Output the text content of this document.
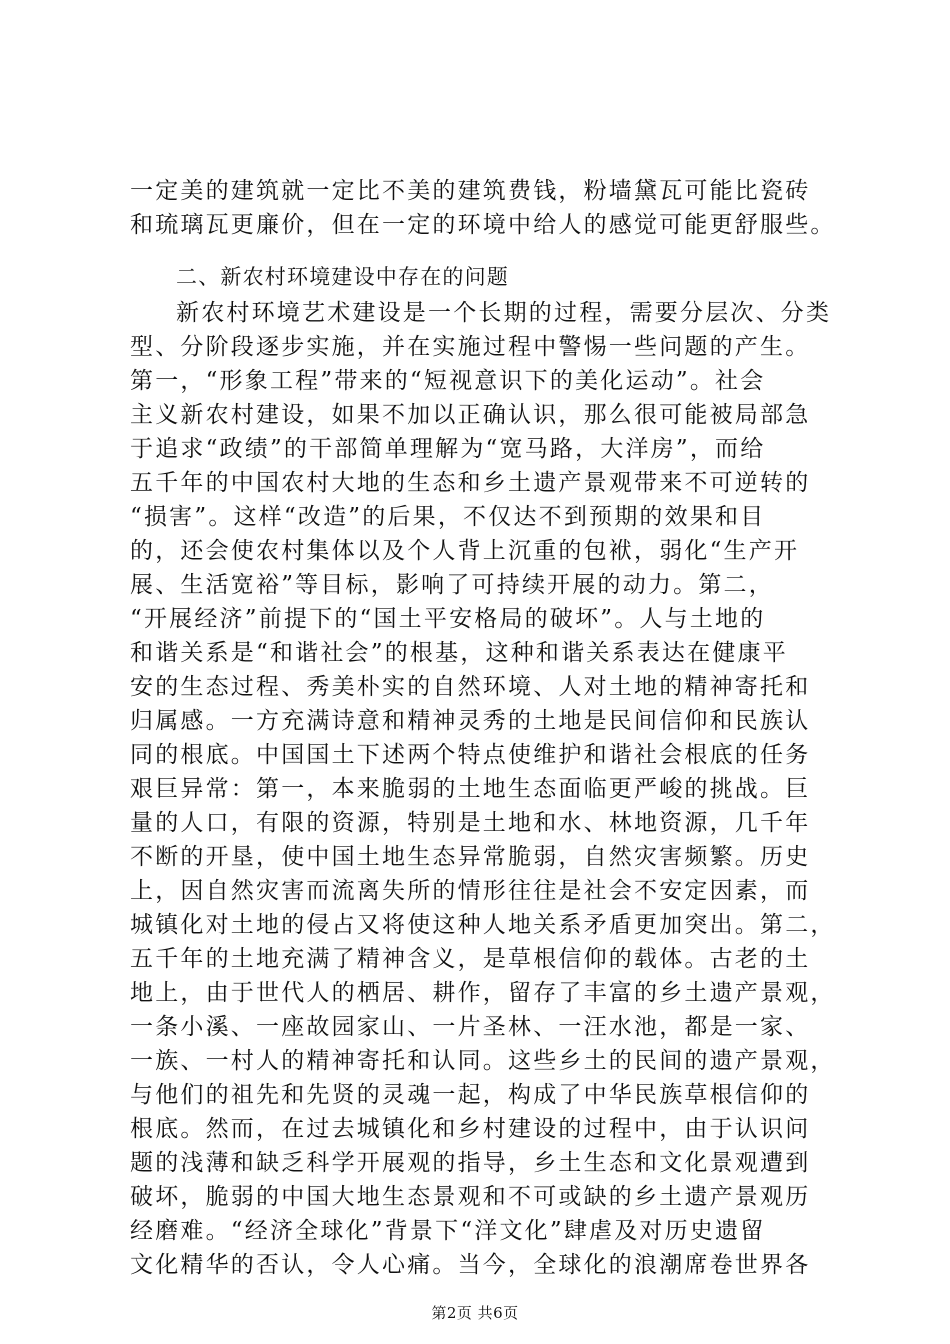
一定美的建筑就一定比不美的建筑费钱，粉墙黛瓦可能比瓷砖
和琉璃瓦更廉价，但在一定的环境中给人的感觉可能更舒服些。
二、新农村环境建设中存在的问题
新农村环境艺术建设是一个长期的过程，需要分层次、分类
型、分阶段逐步实施，并在实施过程中警惕一些问题的产生。
第一，“形象工程”带来的“短视意识下的美化运动”。社会
主义新农村建设，如果不加以正确认识，那么很可能被局部急
于追求“政绩”的干部简单理解为“宽马路，大洋房”，而给
五千年的中国农村大地的生态和乡土遗产景观带来不可逆转的
“损害”。这样“改造”的后果，不仅达不到预期的效果和目
的，还会使农村集体以及个人背上沉重的包袱，弱化“生产开
展、生活宽裕”等目标，影响了可持续开展的动力。第二，
“开展经济”前提下的“国土平安格局的破坏”。人与土地的
和谐关系是“和谐社会”的根基，这种和谐关系表达在健康平
安的生态过程、秀美朴实的自然环境、人对土地的精神寄托和
归属感。一方充满诗意和精神灵秀的土地是民间信仰和民族认
同的根底。中国国土下述两个特点使维护和谐社会根底的任务
艰巨异常：第一，本来脆弱的土地生态面临更严峻的挑战。巨
量的人口，有限的资源，特别是土地和水、林地资源，几千年
不断的开垦，使中国土地生态异常脆弱，自然灾害频繁。历史
上，因自然灾害而流离失所的情形往往是社会不安定因素，而
城镇化对土地的侵占又将使这种人地关系矛盾更加突出。第二，
五千年的土地充满了精神含义，是草根信仰的载体。古老的土
地上，由于世代人的栖居、耕作，留存了丰富的乡土遗产景观，
一条小溪、一座故园家山、一片圣林、一汪水池，都是一家、
一族、一村人的精神寄托和认同。这些乡土的民间的遗产景观，
与他们的祖先和先贤的灵魂一起，构成了中华民族草根信仰的
根底。然而，在过去城镇化和乡村建设的过程中，由于认识问
题的浅薄和缺乏科学开展观的指导，乡土生态和文化景观遭到
破坏，脆弱的中国大地生态景观和不可或缺的乡土遗产景观历
经磨难。“经济全球化”背景下“洋文化”肆虐及对历史遗留
文化精华的否认，令人心痛。当今，全球化的浪潮席卷世界各
第2页 共6页
